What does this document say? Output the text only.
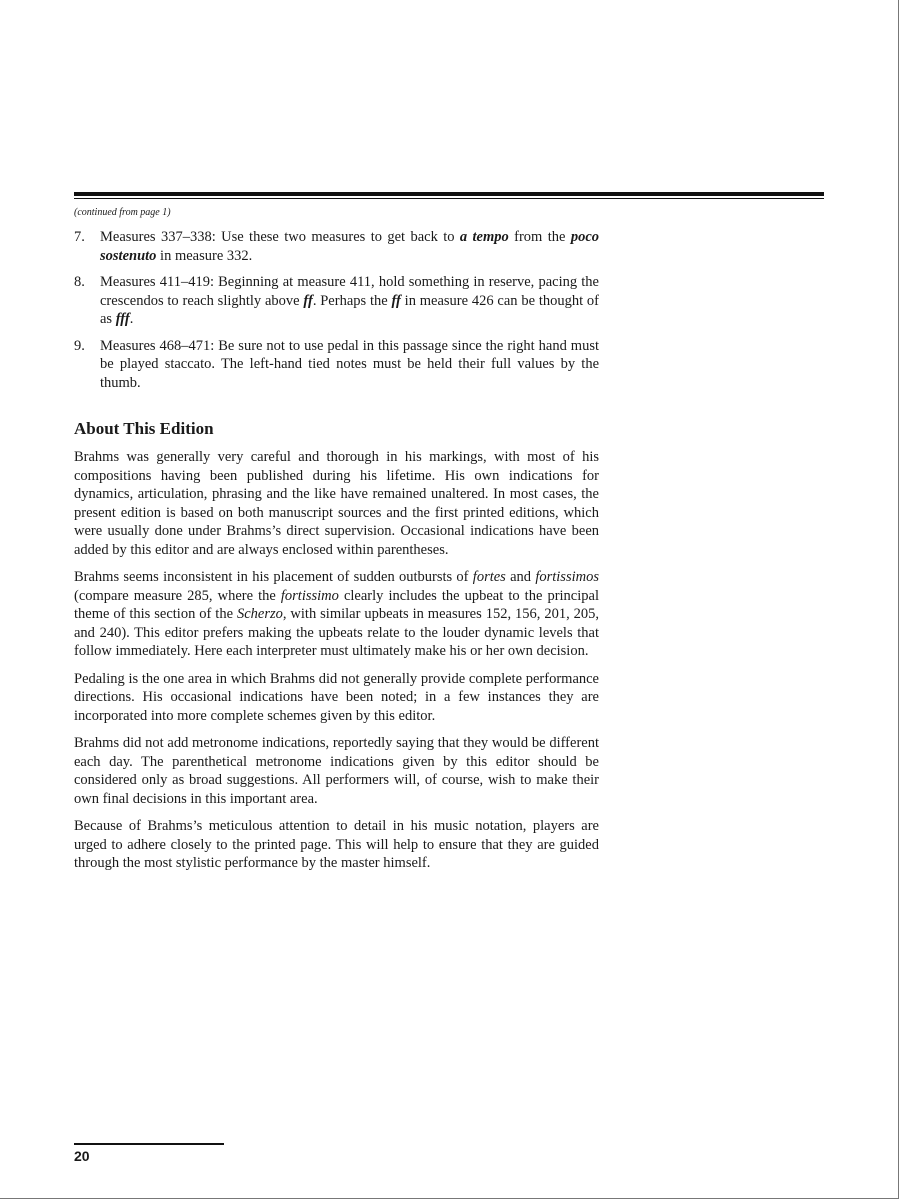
(continued from page 1)
7.	Measures 337–338: Use these two measures to get back to a tempo from the poco sostenuto in measure 332.
8.	Measures 411–419: Beginning at measure 411, hold something in reserve, pacing the crescendos to reach slightly above ff. Perhaps the ff in measure 426 can be thought of as fff.
9.	Measures 468–471: Be sure not to use pedal in this passage since the right hand must be played staccato. The left-hand tied notes must be held their full values by the thumb.
About This Edition

Brahms was generally very careful and thorough in his markings, with most of his compositions having been published during his lifetime. His own indications for dynamics, articulation, phrasing and the like have remained unaltered. In most cases, the present edition is based on both manuscript sources and the first printed editions, which were usually done under Brahms’s direct supervision. Occasional indications have been added by this editor and are always enclosed within parentheses.

Brahms seems inconsistent in his placement of sudden outbursts of fortes and fortissimos (compare measure 285, where the fortissimo clearly includes the upbeat to the principal theme of this section of the Scherzo, with similar upbeats in measures 152, 156, 201, 205, and 240). This editor prefers making the upbeats relate to the louder dynamic levels that follow immediately. Here each interpreter must ultimately make his or her own decision.

Pedaling is the one area in which Brahms did not generally provide complete performance directions. His occasional indications have been noted; in a few instances they are incorporated into more complete schemes given by this editor.

Brahms did not add metronome indications, reportedly saying that they would be different each day. The parenthetical metronome indications given by this editor should be considered only as broad suggestions. All performers will, of course, wish to make their own final decisions in this important area.

Because of Brahms’s meticulous attention to detail in his music notation, players are urged to adhere closely to the printed page. This will help to ensure that they are guided through the most stylistic performance by the master himself.

20
